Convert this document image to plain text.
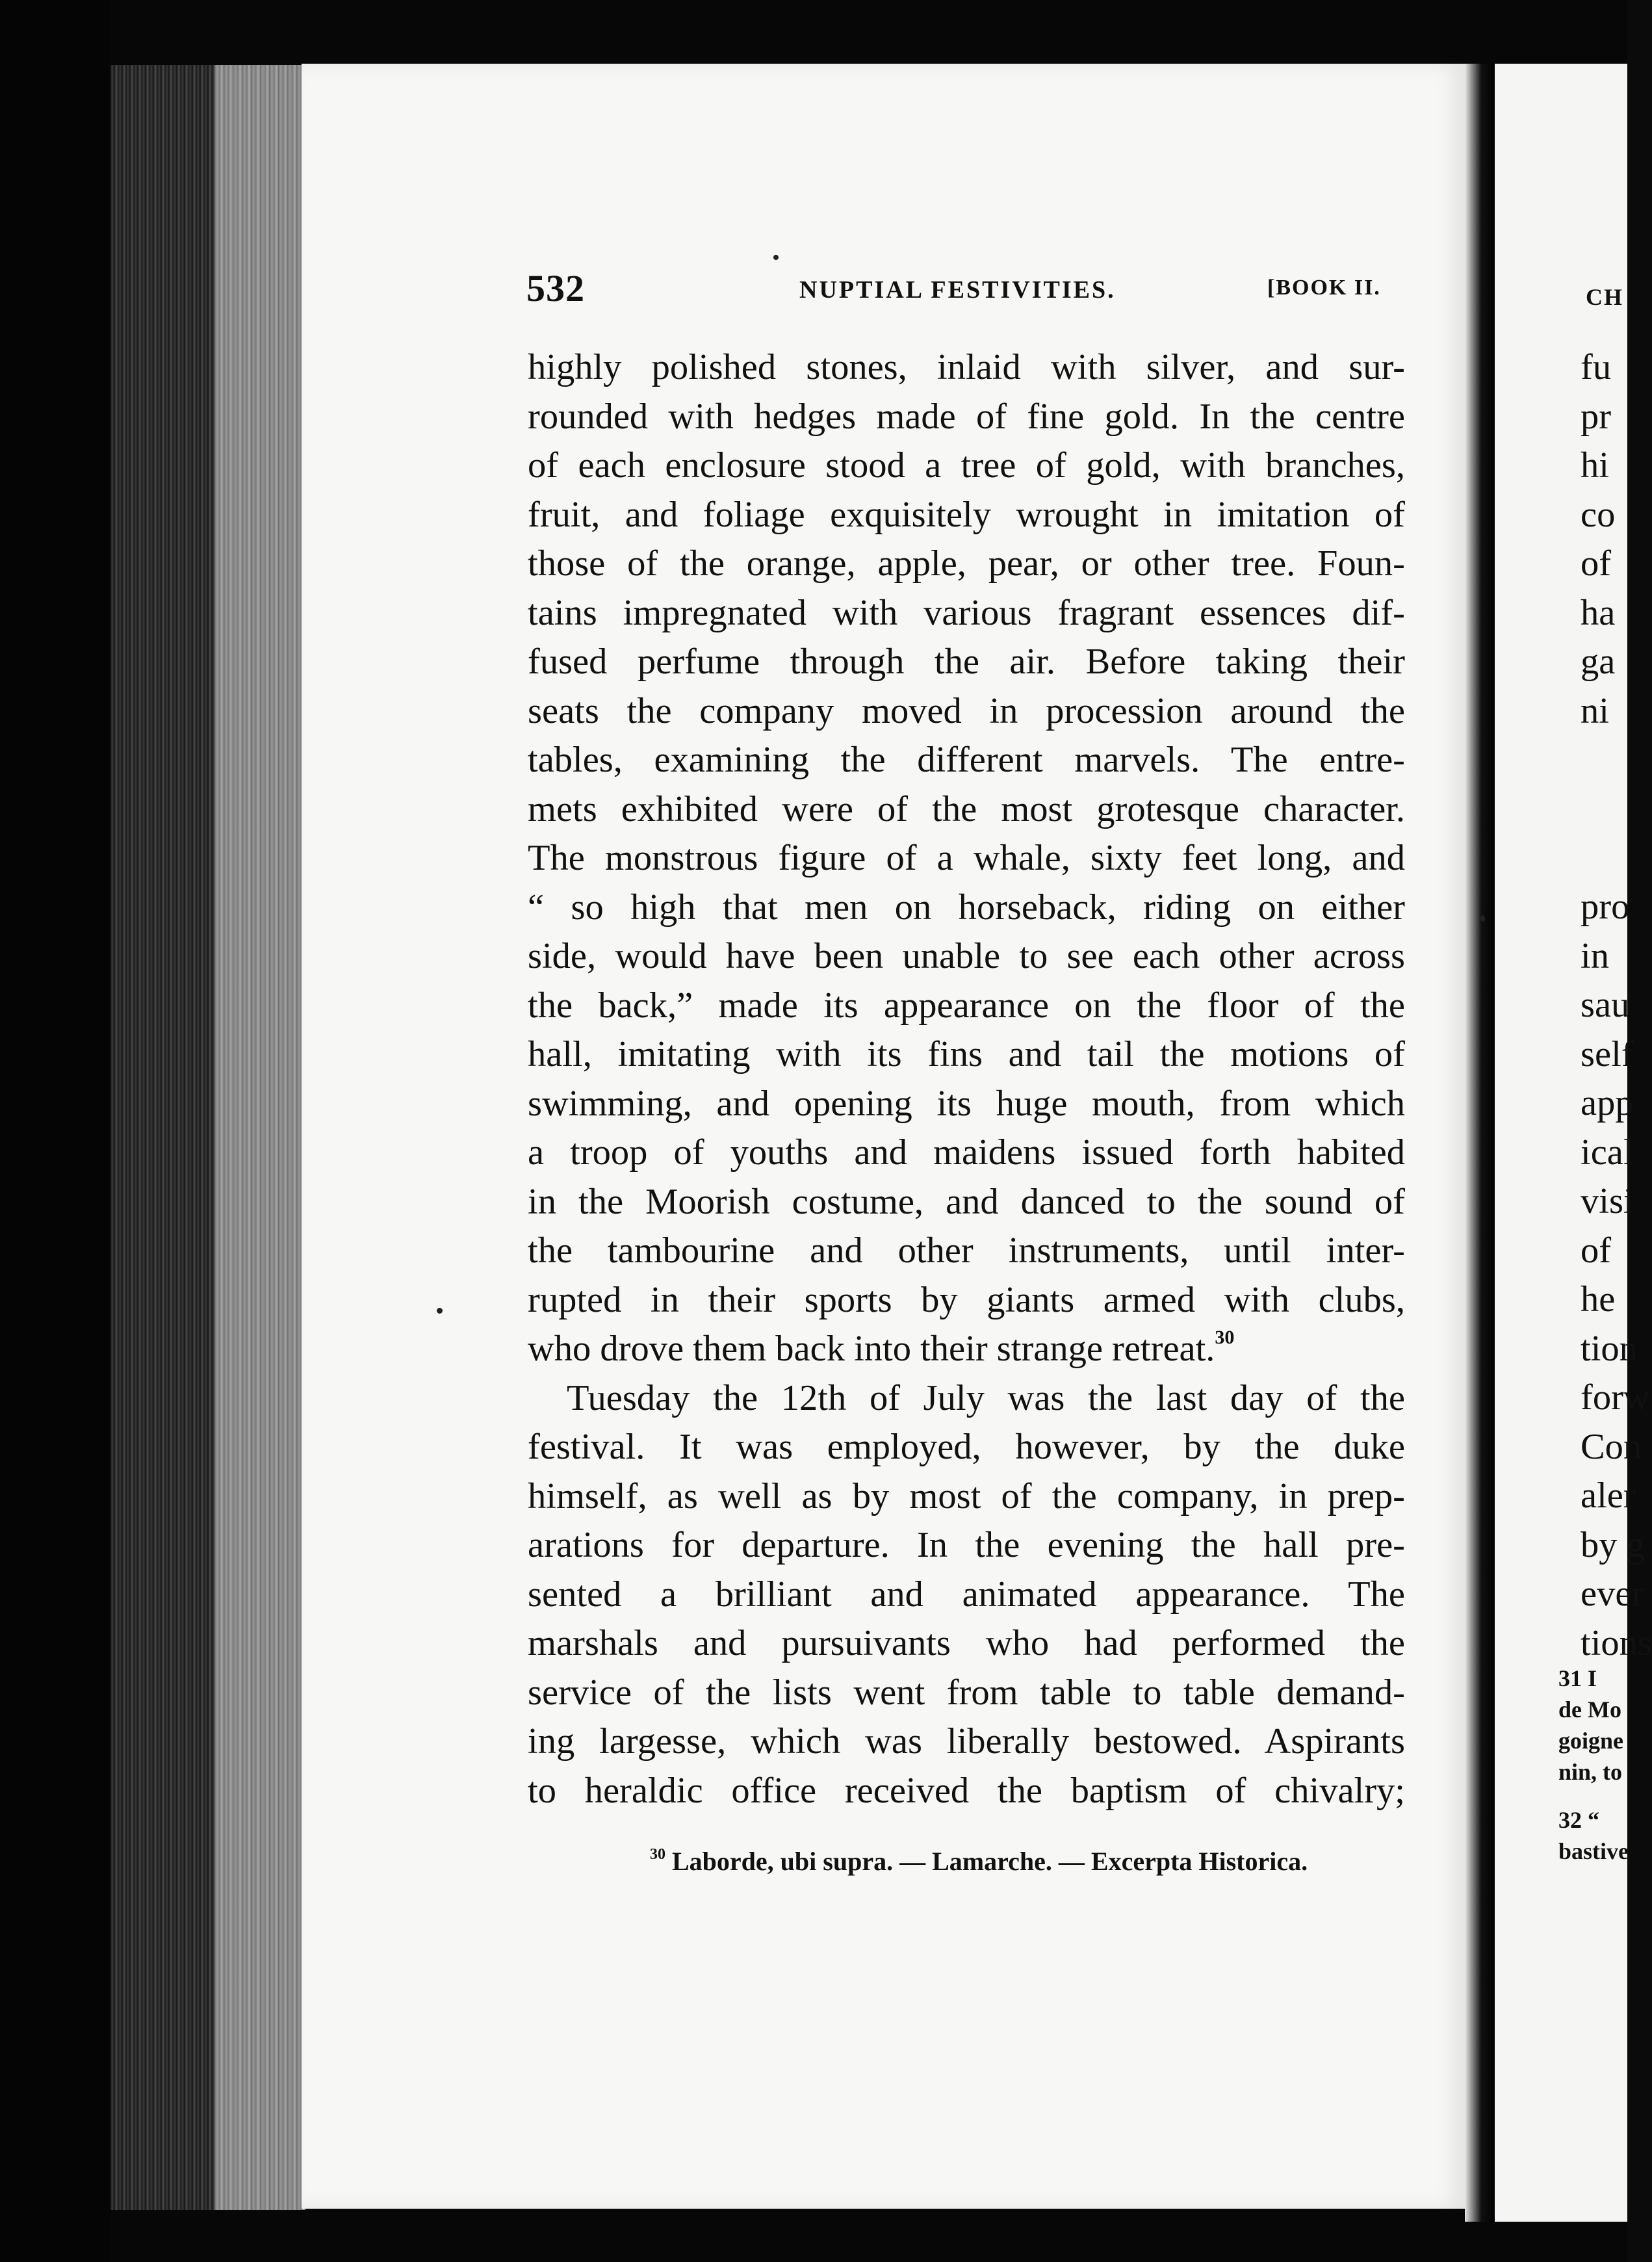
532	NUPTIAL FESTIVITIES.	[BOOK II.
highly polished stones, inlaid with silver, and sur-
rounded with hedges made of fine gold. In the centre
of each enclosure stood a tree of gold, with branches,
fruit, and foliage exquisitely wrought in imitation of
those of the orange, apple, pear, or other tree. Foun-
tains impregnated with various fragrant essences dif-
fused perfume through the air. Before taking their
seats the company moved in procession around the
tables, examining the different marvels. The entre-
mets exhibited were of the most grotesque character.
The monstrous figure of a whale, sixty feet long, and
“ so high that men on horseback, riding on either
side, would have been unable to see each other across
the back,” made its appearance on the floor of the
hall, imitating with its fins and tail the motions of
swimming, and opening its huge mouth, from which
a troop of youths and maidens issued forth habited
in the Moorish costume, and danced to the sound of
the tambourine and other instruments, until inter-
rupted in their sports by giants armed with clubs,
who drove them back into their strange retreat.$^{30}$
Tuesday the 12th of July was the last day of the
festival. It was employed, however, by the duke
himself, as well as by most of the company, in prep-
arations for departure. In the evening the hall pre-
sented a brilliant and animated appearance. The
marshals and pursuivants who had performed the
service of the lists went from table to table demand-
ing largesse, which was liberally bestowed. Aspirants
to heraldic office received the baptism of chivalry;
$^{30}$ Laborde, ubi supra. — Lamarche. — Excerpta Historica.
CH
fu
pr
hi
co
of
ha
ga
ni
pro
in
sau
self
app
ical
visi
of
he
tion
forw
Con
aler
by g
ever
tions
31 I
de Mo
goigne
nin, to
32 “
bastive
